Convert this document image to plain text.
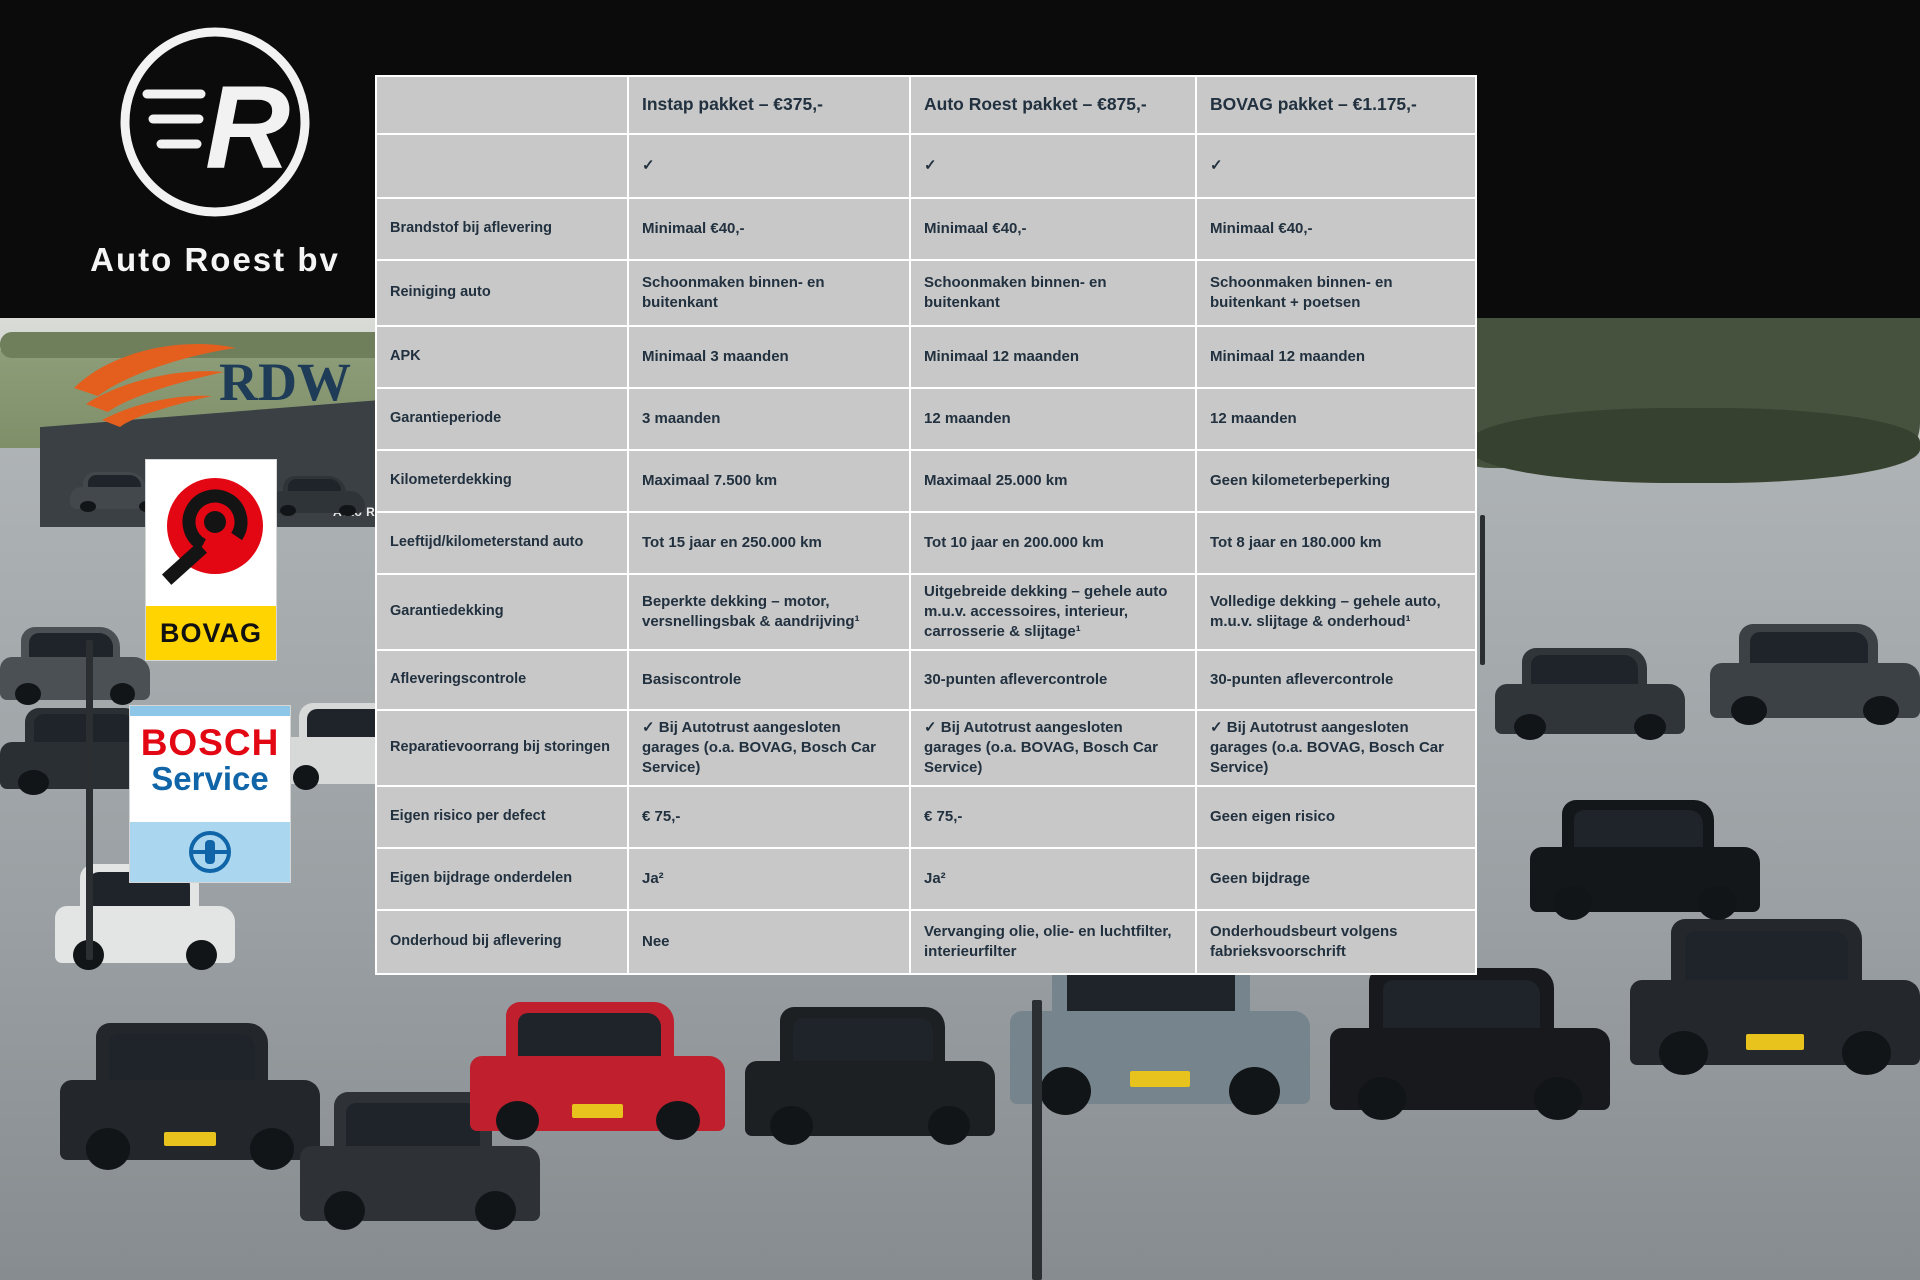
Ro
R
Auto Roest bv
RDW
BOVAG
BOSCH
Service
	Instap pakket – €375,-	Auto Roest pakket – €875,-	BOVAG pakket – €1.175,-
	✓	✓	✓
Brandstof bij aflevering	Minimaal €40,-	Minimaal €40,-	Minimaal €40,-
Reiniging auto	Schoonmaken binnen- en buitenkant	Schoonmaken binnen- en buitenkant	Schoonmaken binnen- en buitenkant + poetsen
APK	Minimaal 3 maanden	Minimaal 12 maanden	Minimaal 12 maanden
Garantieperiode	3 maanden	12 maanden	12 maanden
Kilometerdekking	Maximaal 7.500 km	Maximaal 25.000 km	Geen kilometerbeperking
Leeftijd/kilometerstand auto	Tot 15 jaar en 250.000 km	Tot 10 jaar en 200.000 km	Tot 8 jaar en 180.000 km
Garantiedekking	Beperkte dekking – motor, versnellingsbak & aandrijving¹	Uitgebreide dekking – gehele auto m.u.v. accessoires, interieur, carrosserie & slijtage¹	Volledige dekking – gehele auto, m.u.v. slijtage & onderhoud¹
Afleveringscontrole	Basiscontrole	30-punten aflevercontrole	30-punten aflevercontrole
Reparatievoorrang bij storingen	✓ Bij Autotrust aangesloten garages (o.a. BOVAG, Bosch Car Service)	✓ Bij Autotrust aangesloten garages (o.a. BOVAG, Bosch Car Service)	✓ Bij Autotrust aangesloten garages (o.a. BOVAG, Bosch Car Service)
Eigen risico per defect	€ 75,-	€ 75,-	Geen eigen risico
Eigen bijdrage onderdelen	Ja²	Ja²	Geen bijdrage
Onderhoud bij aflevering	Nee	Vervanging olie, olie- en luchtfilter, interieurfilter	Onderhoudsbeurt volgens fabrieksvoorschrift
